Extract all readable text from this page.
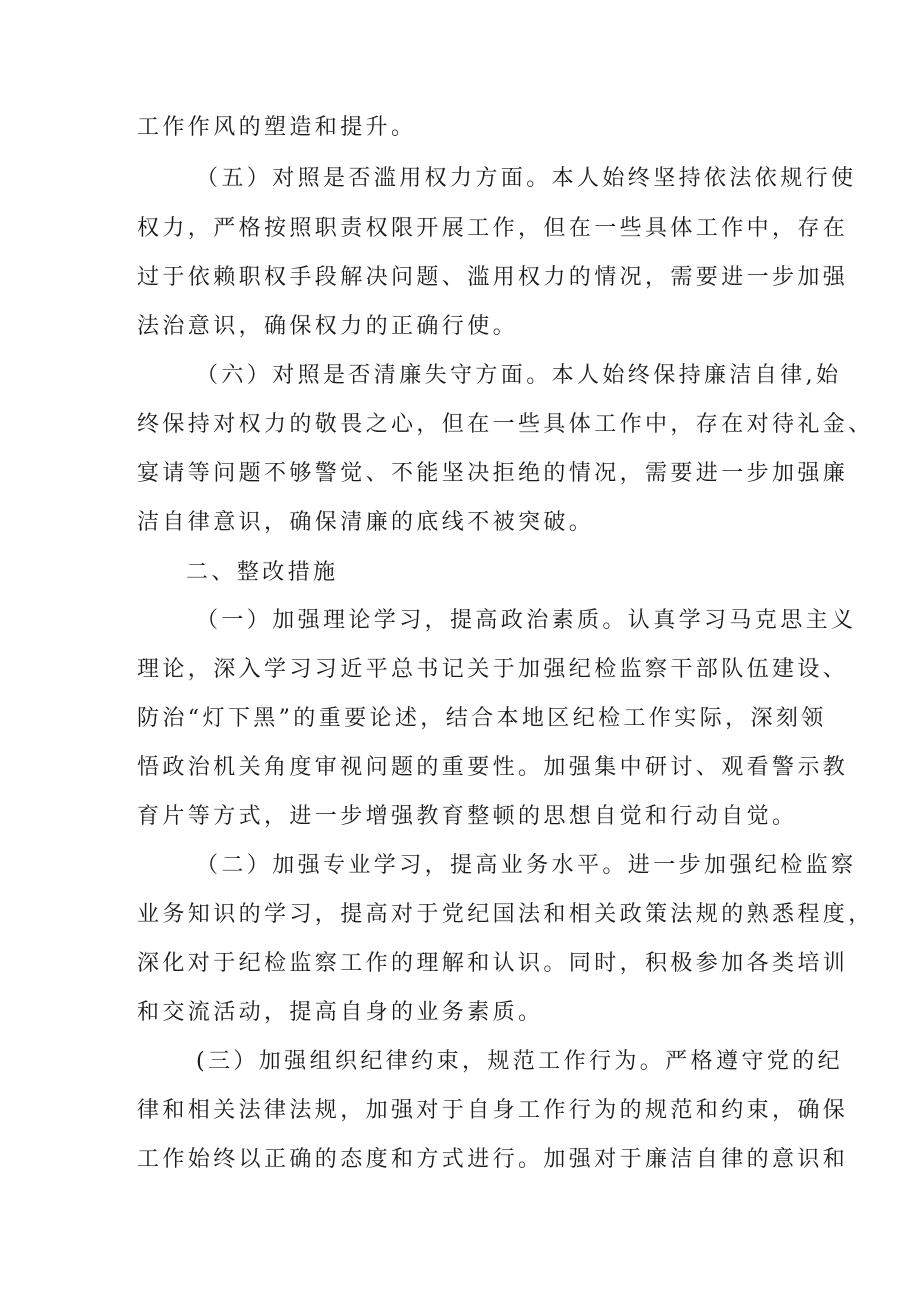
工作作风的塑造和提升。
（五）对照是否滥用权力方面。本人始终坚持依法依规行使
权力，严格按照职责权限开展工作，但在一些具体工作中，存在
过于依赖职权手段解决问题、滥用权力的情况，需要进一步加强
法治意识，确保权力的正确行使。
（六）对照是否清廉失守方面。本人始终保持廉洁自律,始
终保持对权力的敬畏之心，但在一些具体工作中，存在对待礼金、
宴请等问题不够警觉、不能坚决拒绝的情况，需要进一步加强廉
洁自律意识，确保清廉的底线不被突破。
二、整改措施
（一）加强理论学习，提高政治素质。认真学习马克思主义
理论，深入学习习近平总书记关于加强纪检监察干部队伍建设、
防治“灯下黑”的重要论述，结合本地区纪检工作实际，深刻领
悟政治机关角度审视问题的重要性。加强集中研讨、观看警示教
育片等方式，进一步增强教育整顿的思想自觉和行动自觉。
（二）加强专业学习，提高业务水平。进一步加强纪检监察
业务知识的学习，提高对于党纪国法和相关政策法规的熟悉程度，
深化对于纪检监察工作的理解和认识。同时，积极参加各类培训
和交流活动，提高自身的业务素质。
(三）加强组织纪律约束，规范工作行为。严格遵守党的纪
律和相关法律法规，加强对于自身工作行为的规范和约束，确保
工作始终以正确的态度和方式进行。加强对于廉洁自律的意识和
